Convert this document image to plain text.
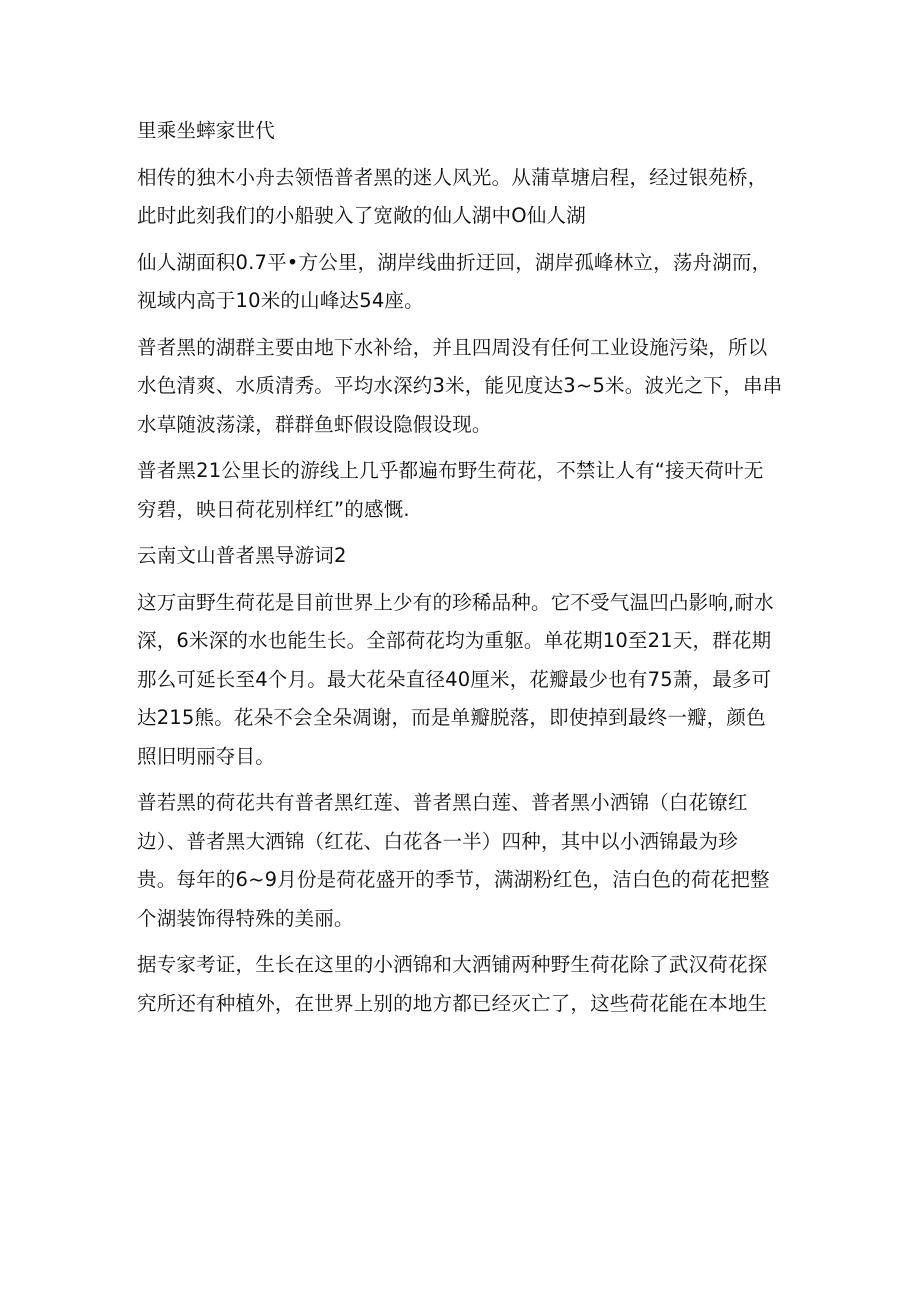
里乘坐蟀家世代
相传的独木小舟去领悟普者黑的迷人风光。从蒲草塘启程，经过银苑桥，
此时此刻我们的小船驶入了宽敞的仙人湖中O仙人湖
仙人湖面积0.7平•方公里，湖岸线曲折迂回，湖岸孤峰林立，荡舟湖而，
视域内高于10米的山峰达54座。
普者黑的湖群主要由地下水补给，并且四周没有任何工业设施污染，所以
水色清爽、水质清秀。平均水深约3米，能见度达3~5米。波光之下，串串
水草随波荡漾，群群鱼虾假设隐假设现。
普者黑21公里长的游线上几乎都遍布野生荷花，不禁让人有“接天荷叶无
穷碧，映日荷花别样红”的感慨.
云南文山普者黑导游词2
这万亩野生荷花是目前世界上少有的珍稀品种。它不受气温凹凸影响,耐水
深，6米深的水也能生长。全部荷花均为重躯。单花期10至21天，群花期
那么可延长至4个月。最大花朵直径40厘米，花瓣最少也有75萧，最多可
达215熊。花朵不会全朵凋谢，而是单瓣脱落，即使掉到最终一瓣，颜色
照旧明丽夺目。
普若黑的荷花共有普者黑红莲、普者黑白莲、普者黑小洒锦（白花镣红
边）、普者黑大洒锦（红花、白花各一半）四种，其中以小洒锦最为珍
贵。每年的6~9月份是荷花盛开的季节，满湖粉红色，洁白色的荷花把整
个湖装饰得特殊的美丽。
据专家考证，生长在这里的小洒锦和大洒铺两种野生荷花除了武汉荷花探
究所还有种植外，在世界上别的地方都已经灭亡了，这些荷花能在本地生
